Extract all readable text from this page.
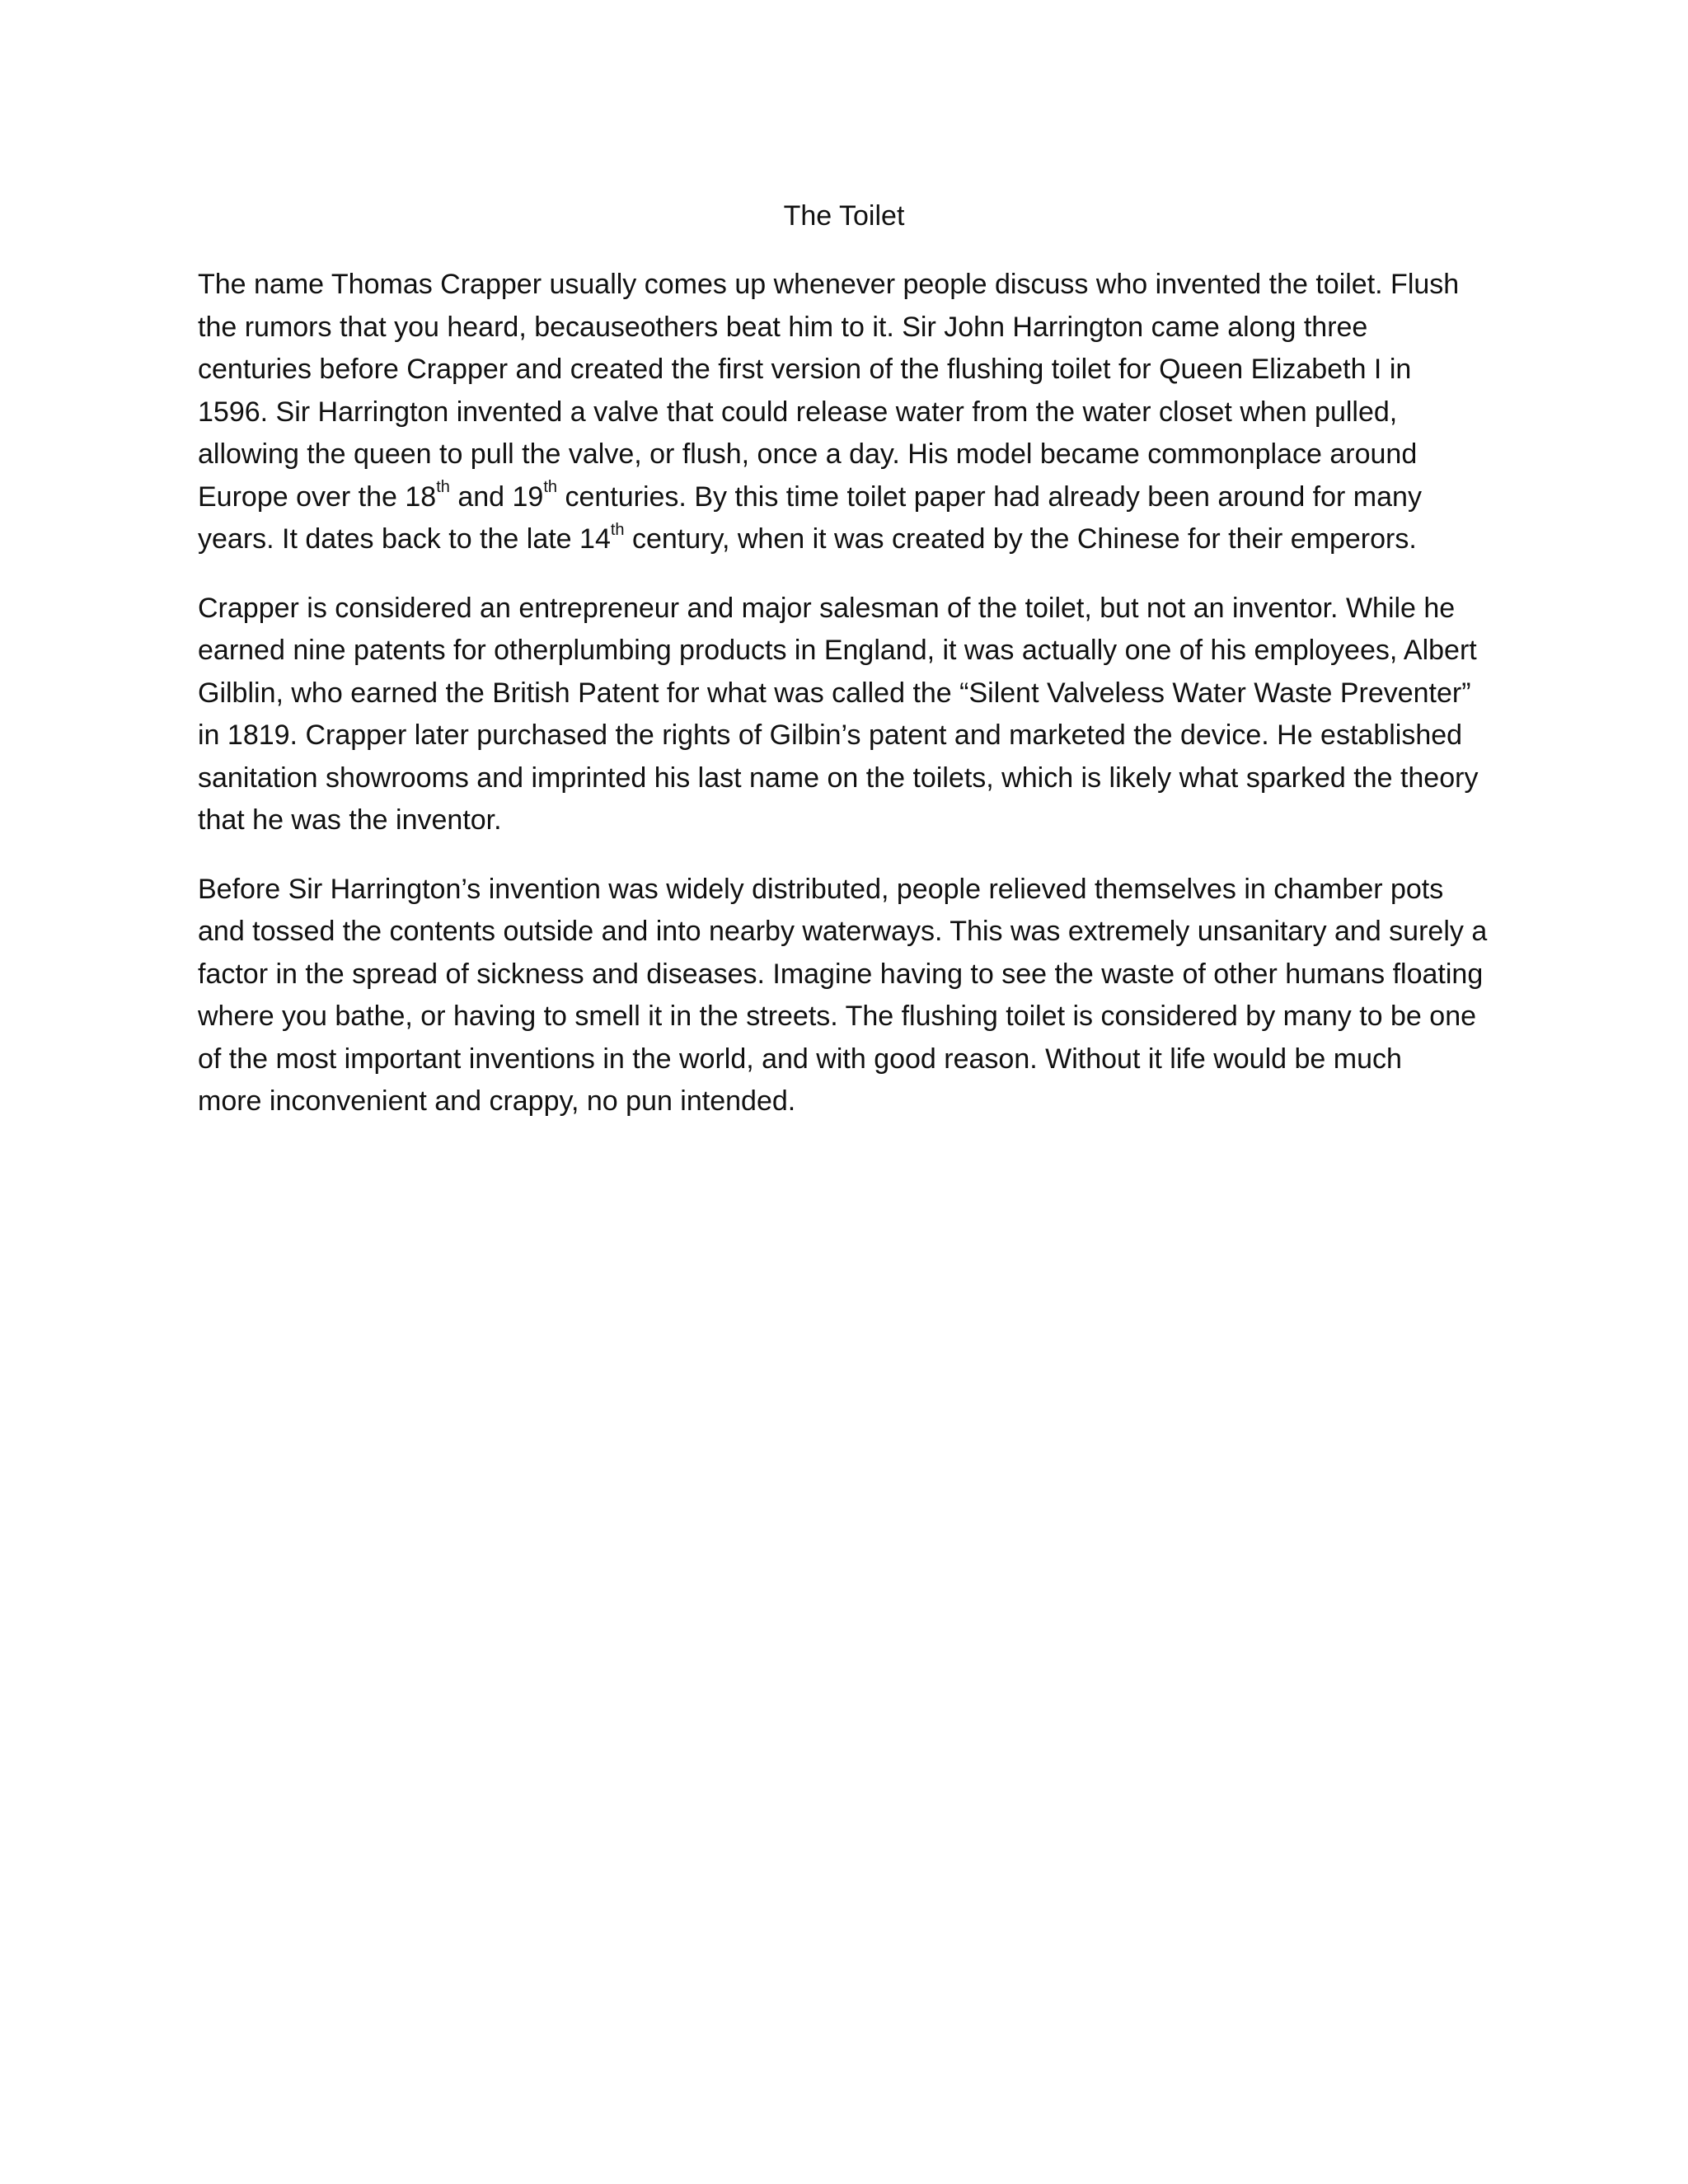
The Toilet

The name Thomas Crapper usually comes up whenever people discuss who invented the toilet. Flush
the rumors that you heard, becauseothers beat him to it. Sir John Harrington came along three
centuries before Crapper and created the first version of the flushing toilet for Queen Elizabeth I in
1596. Sir Harrington invented a valve that could release water from the water closet when pulled,
allowing the queen to pull the valve, or flush, once a day. His model became commonplace around
Europe over the 18th and 19th centuries. By this time toilet paper had already been around for many
years. It dates back to the late 14th century, when it was created by the Chinese for their emperors.

Crapper is considered an entrepreneur and major salesman of the toilet, but not an inventor. While he
earned nine patents for otherplumbing products in England, it was actually one of his employees, Albert
Gilblin, who earned the British Patent for what was called the “Silent Valveless Water Waste Preventer”
in 1819. Crapper later purchased the rights of Gilbin’s patent and marketed the device. He established
sanitation showrooms and imprinted his last name on the toilets, which is likely what sparked the theory
that he was the inventor.

Before Sir Harrington’s invention was widely distributed, people relieved themselves in chamber pots
and tossed the contents outside and into nearby waterways. This was extremely unsanitary and surely a
factor in the spread of sickness and diseases. Imagine having to see the waste of other humans floating
where you bathe, or having to smell it in the streets. The flushing toilet is considered by many to be one
of the most important inventions in the world, and with good reason. Without it life would be much
more inconvenient and crappy, no pun intended.
